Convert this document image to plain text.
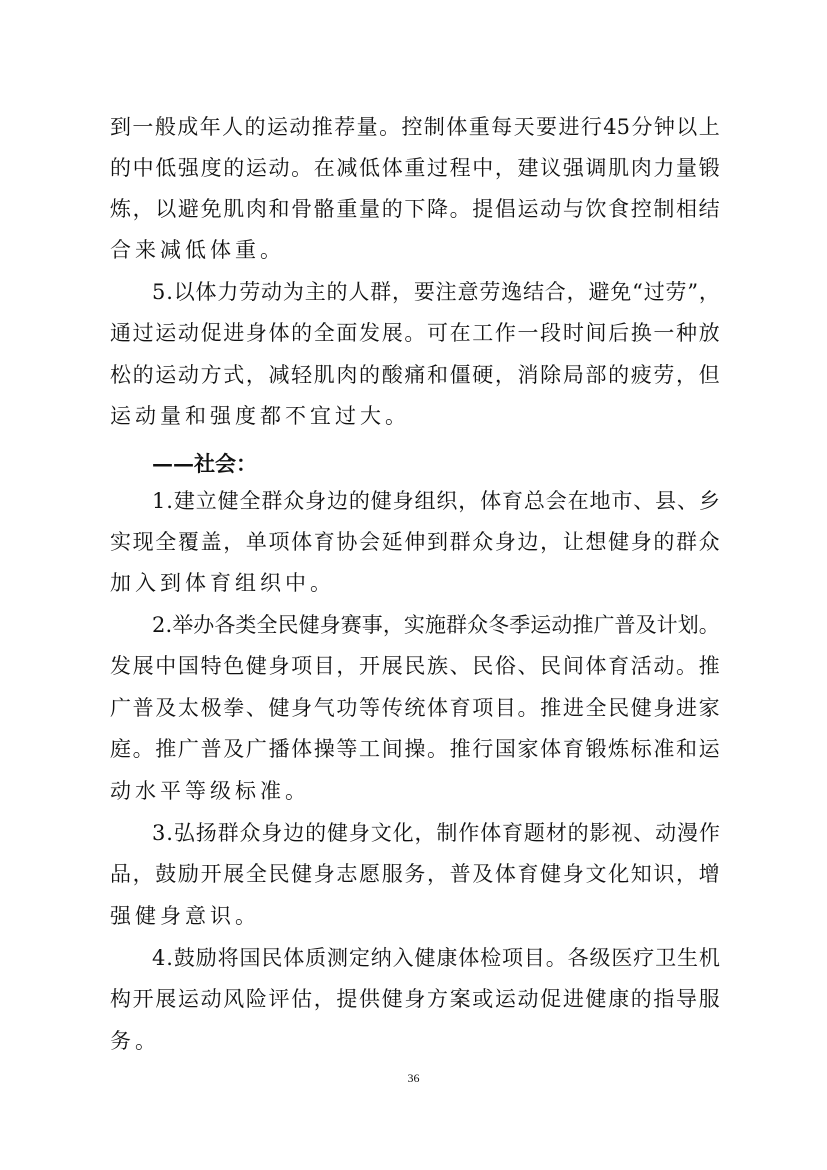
到 一 般 成 年 人 的 运 动 推 荐 量 。 控 制 体 重 每 天 要 进 行 45 分 钟 以 上
的 中 低 强 度 的 运 动 。 在 减 低 体 重 过 程 中 ， 建 议 强 调 肌 肉 力 量 锻
炼 ， 以 避 免 肌 肉 和 骨 骼 重 量 的 下 降 。 提 倡 运 动 与 饮 食 控 制 相 结
合来减低体重。
5 . 以 体 力 劳 动 为 主 的 人 群 ， 要 注 意 劳 逸 结 合 ， 避 免 “ 过 劳 ” ，
通 过 运 动 促 进 身 体 的 全 面 发 展 。 可 在 工 作 一 段 时 间 后 换 一 种 放
松 的 运 动 方 式 ， 减 轻 肌 肉 的 酸 痛 和 僵 硬 ， 消 除 局 部 的 疲 劳 ， 但
运动量和强度都不宜过大。
——社会：
1 . 建 立 健 全 群 众 身 边 的 健 身 组 织 ， 体 育 总 会 在 地 市 、 县 、 乡
实 现 全 覆 盖 ， 单 项 体 育 协 会 延 伸 到 群 众 身 边 ， 让 想 健 身 的 群 众
加入到体育组织中。
2 . 举 办 各 类 全 民 健 身 赛 事 ， 实 施 群 众 冬 季 运 动 推 广 普 及 计 划 。
发 展 中 国 特 色 健 身 项 目 ， 开 展 民 族 、 民 俗 、 民 间 体 育 活 动 。 推
广 普 及 太 极 拳 、 健 身 气 功 等 传 统 体 育 项 目 。 推 进 全 民 健 身 进 家
庭 。 推 广 普 及 广 播 体 操 等 工 间 操 。 推 行 国 家 体 育 锻 炼 标 准 和 运
动水平等级标准。
3 . 弘 扬 群 众 身 边 的 健 身 文 化 ， 制 作 体 育 题 材 的 影 视 、 动 漫 作
品 ， 鼓 励 开 展 全 民 健 身 志 愿 服 务 ， 普 及 体 育 健 身 文 化 知 识 ， 增
强健身意识。
4 . 鼓 励 将 国 民 体 质 测 定 纳 入 健 康 体 检 项 目 。 各 级 医 疗 卫 生 机
构 开 展 运 动 风 险 评 估 ， 提 供 健 身 方 案 或 运 动 促 进 健 康 的 指 导 服
务。
36
